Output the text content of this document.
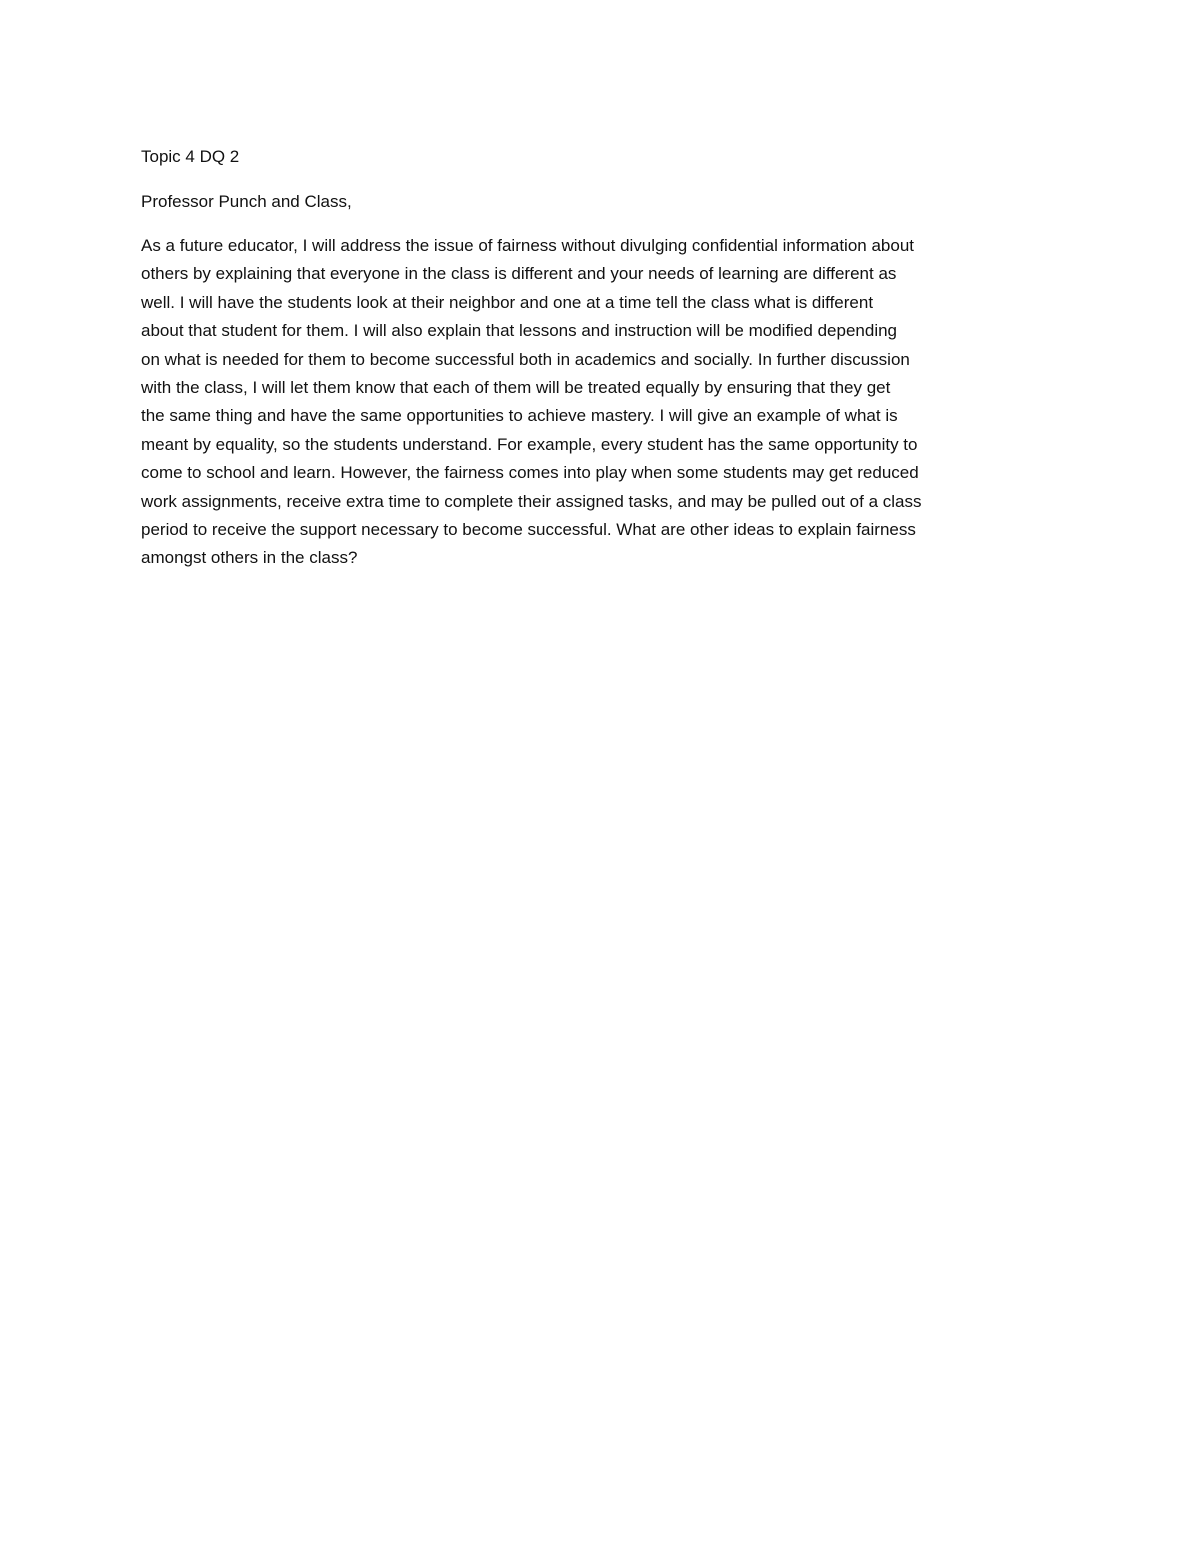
Topic 4 DQ 2

Professor Punch and Class,

As a future educator, I will address the issue of fairness without divulging confidential information about
others by explaining that everyone in the class is different and your needs of learning are different as
well. I will have the students look at their neighbor and one at a time tell the class what is different
about that student for them. I will also explain that lessons and instruction will be modified depending
on what is needed for them to become successful both in academics and socially. In further discussion
with the class, I will let them know that each of them will be treated equally by ensuring that they get
the same thing and have the same opportunities to achieve mastery. I will give an example of what is
meant by equality, so the students understand. For example, every student has the same opportunity to
come to school and learn. However, the fairness comes into play when some students may get reduced
work assignments, receive extra time to complete their assigned tasks, and may be pulled out of a class
period to receive the support necessary to become successful. What are other ideas to explain fairness
amongst others in the class?
